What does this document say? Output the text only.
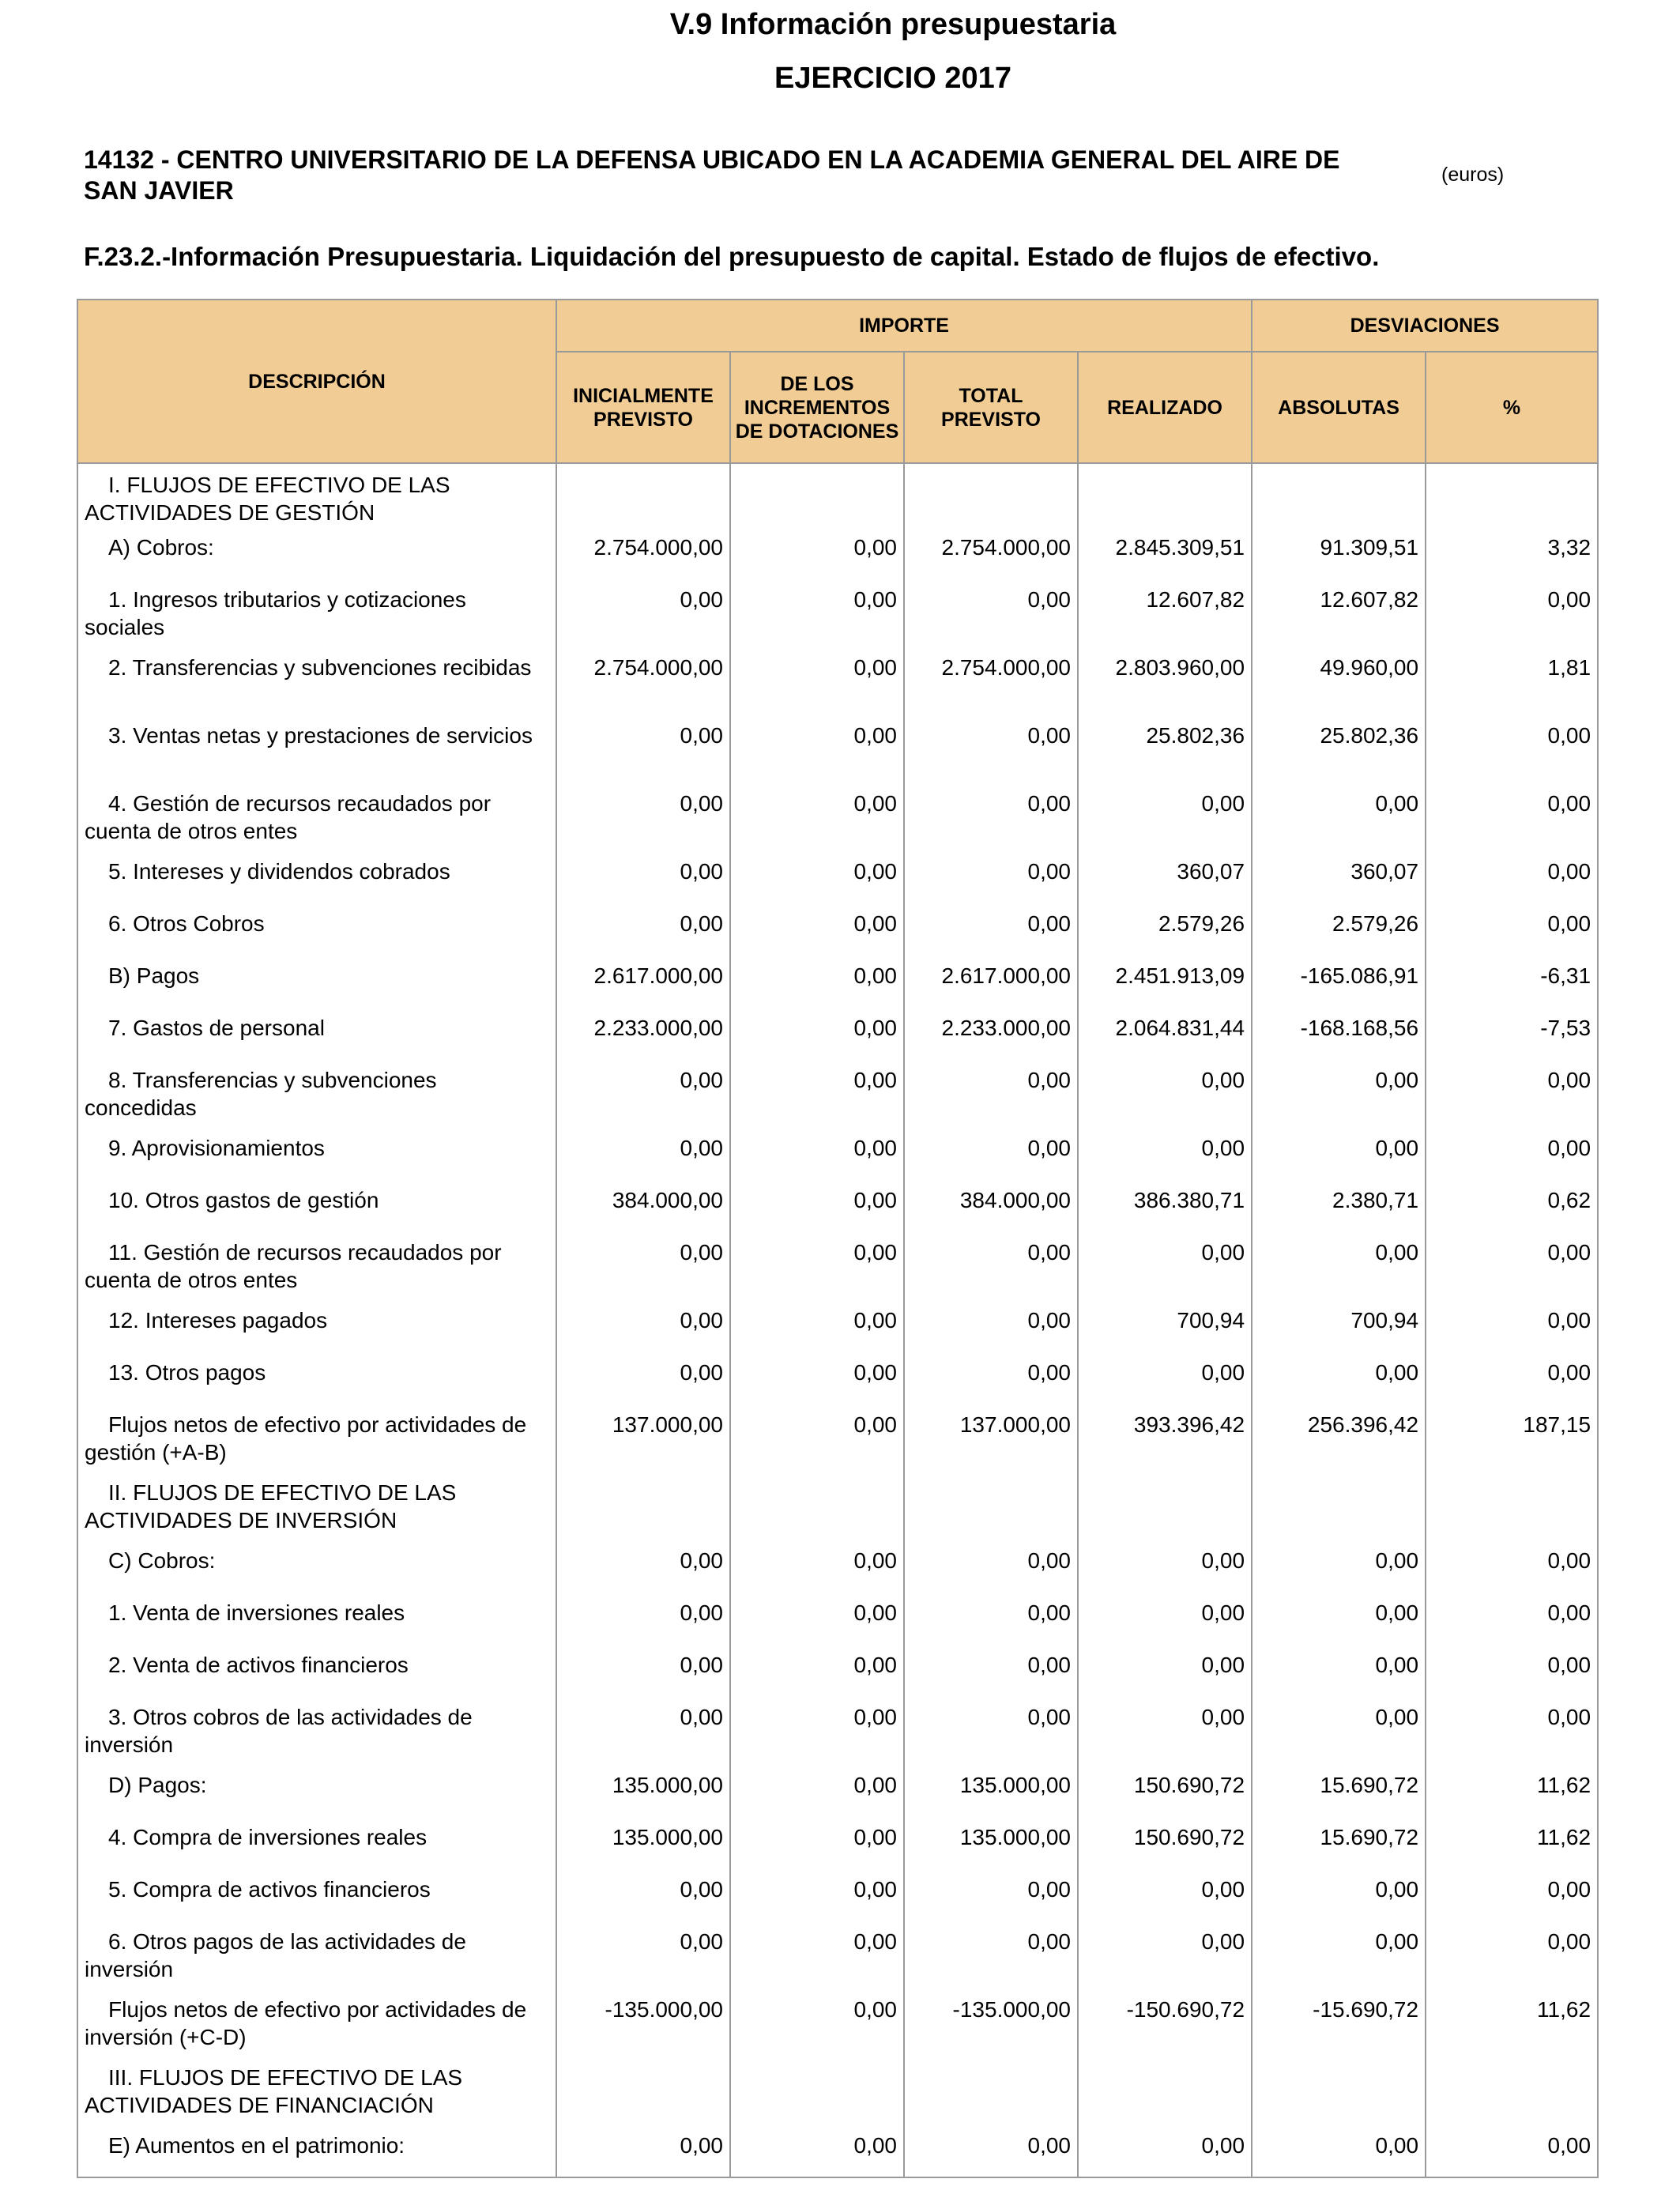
V.9 Información presupuestaria
EJERCICIO 2017
14132 - CENTRO UNIVERSITARIO DE LA DEFENSA UBICADO EN LA ACADEMIA GENERAL DEL AIRE DE SAN JAVIER
(euros)
F.23.2.-Información Presupuestaria. Liquidación del presupuesto de capital. Estado de flujos de efectivo.
DESCRIPCIÓN	IMPORTE				DESVIACIONES	
	INICIALMENTE PREVISTO	DE LOS INCREMENTOS DE DOTACIONES	TOTAL PREVISTO	REALIZADO	ABSOLUTAS	%
I. FLUJOS DE EFECTIVO DE LAS ACTIVIDADES DE GESTIÓN						
A) Cobros:	2.754.000,00	0,00	2.754.000,00	2.845.309,51	91.309,51	3,32
1. Ingresos tributarios y cotizaciones sociales	0,00	0,00	0,00	12.607,82	12.607,82	0,00
2. Transferencias y subvenciones recibidas	2.754.000,00	0,00	2.754.000,00	2.803.960,00	49.960,00	1,81
3. Ventas netas y prestaciones de servicios	0,00	0,00	0,00	25.802,36	25.802,36	0,00
4. Gestión de recursos recaudados por cuenta de otros entes	0,00	0,00	0,00	0,00	0,00	0,00
5. Intereses y dividendos cobrados	0,00	0,00	0,00	360,07	360,07	0,00
6. Otros Cobros	0,00	0,00	0,00	2.579,26	2.579,26	0,00
B) Pagos	2.617.000,00	0,00	2.617.000,00	2.451.913,09	-165.086,91	-6,31
7. Gastos de personal	2.233.000,00	0,00	2.233.000,00	2.064.831,44	-168.168,56	-7,53
8. Transferencias y subvenciones concedidas	0,00	0,00	0,00	0,00	0,00	0,00
9. Aprovisionamientos	0,00	0,00	0,00	0,00	0,00	0,00
10. Otros gastos de gestión	384.000,00	0,00	384.000,00	386.380,71	2.380,71	0,62
11. Gestión de recursos recaudados por cuenta de otros entes	0,00	0,00	0,00	0,00	0,00	0,00
12. Intereses pagados	0,00	0,00	0,00	700,94	700,94	0,00
13. Otros pagos	0,00	0,00	0,00	0,00	0,00	0,00
Flujos netos de efectivo por actividades de gestión (+A-B)	137.000,00	0,00	137.000,00	393.396,42	256.396,42	187,15
II. FLUJOS DE EFECTIVO DE LAS ACTIVIDADES DE INVERSIÓN						
C) Cobros:	0,00	0,00	0,00	0,00	0,00	0,00
1. Venta de inversiones reales	0,00	0,00	0,00	0,00	0,00	0,00
2. Venta de activos financieros	0,00	0,00	0,00	0,00	0,00	0,00
3. Otros cobros de las actividades de inversión	0,00	0,00	0,00	0,00	0,00	0,00
D) Pagos:	135.000,00	0,00	135.000,00	150.690,72	15.690,72	11,62
4. Compra de inversiones reales	135.000,00	0,00	135.000,00	150.690,72	15.690,72	11,62
5. Compra de activos financieros	0,00	0,00	0,00	0,00	0,00	0,00
6. Otros pagos de las actividades de inversión	0,00	0,00	0,00	0,00	0,00	0,00
Flujos netos de efectivo por actividades de inversión (+C-D)	-135.000,00	0,00	-135.000,00	-150.690,72	-15.690,72	11,62
III. FLUJOS DE EFECTIVO DE LAS ACTIVIDADES DE FINANCIACIÓN						
E) Aumentos en el patrimonio:	0,00	0,00	0,00	0,00	0,00	0,00
